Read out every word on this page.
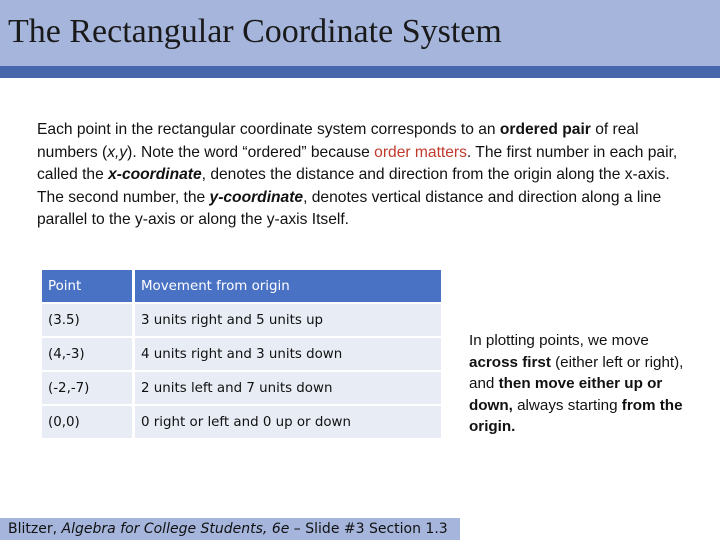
The Rectangular Coordinate System
Each point in the rectangular coordinate system corresponds to an ordered pair of real numbers (x,y). Note the word “ordered” because order matters. The first number in each pair, called the x-coordinate, denotes the distance and direction from the origin along the x-axis. The second number, the y-coordinate, denotes vertical distance and direction along a line parallel to the y-axis or along the y-axis Itself.
Point	Movement from origin
(3.5)	3 units right and 5 units up
(4,-3)	4 units right and 3 units down
(-2,-7)	2 units left and 7 units down
(0,0)	0 right or left and 0 up or down
In plotting points, we move across first (either left or right), and then move either up or down, always starting from the origin.
Blitzer, Algebra for College Students, 6e – Slide #3 Section 1.3
